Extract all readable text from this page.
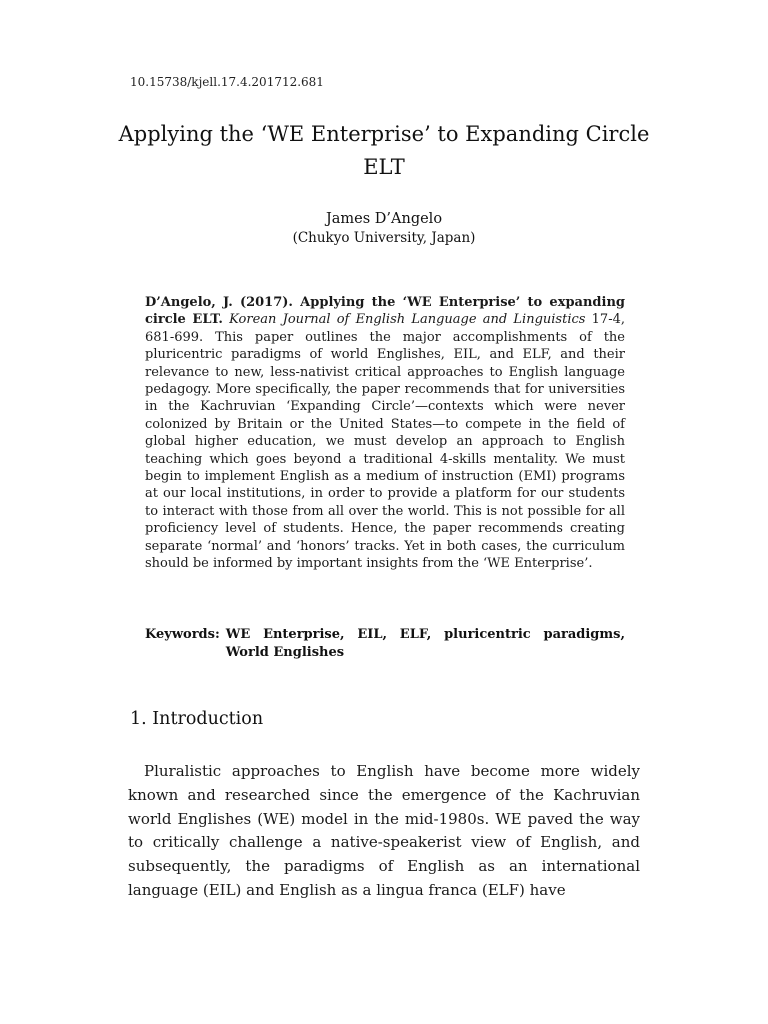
10.15738/kjell.17.4.201712.681
Applying the ‘WE Enterprise’ to Expanding Circle ELT
James D’Angelo
(Chukyo University, Japan)
D’Angelo, J. (2017). Applying the ‘WE Enterprise’ to expanding circle ELT. Korean Journal of English Language and Linguistics 17-4, 681-699. This paper outlines the major accomplishments of the pluricentric paradigms of world Englishes, EIL, and ELF, and their relevance to new, less-nativist critical approaches to English language pedagogy. More specifically, the paper recommends that for universities in the Kachruvian ‘Expanding Circle’—contexts which were never colonized by Britain or the United States—to compete in the field of global higher education, we must develop an approach to English teaching which goes beyond a traditional 4-skills mentality. We must begin to implement English as a medium of instruction (EMI) programs at our local institutions, in order to provide a platform for our students to interact with those from all over the world. This is not possible for all proficiency level of students. Hence, the paper recommends creating separate ‘normal’ and ‘honors’ tracks. Yet in both cases, the curriculum should be informed by important insights from the ‘WE Enterprise’.
Keywords: WE Enterprise, EIL, ELF, pluricentric paradigms, World Englishes
1. Introduction
Pluralistic approaches to English have become more widely known and researched since the emergence of the Kachruvian world Englishes (WE) model in the mid-1980s. WE paved the way to critically challenge a native-speakerist view of English, and subsequently, the paradigms of English as an international language (EIL) and English as a lingua franca (ELF) have
